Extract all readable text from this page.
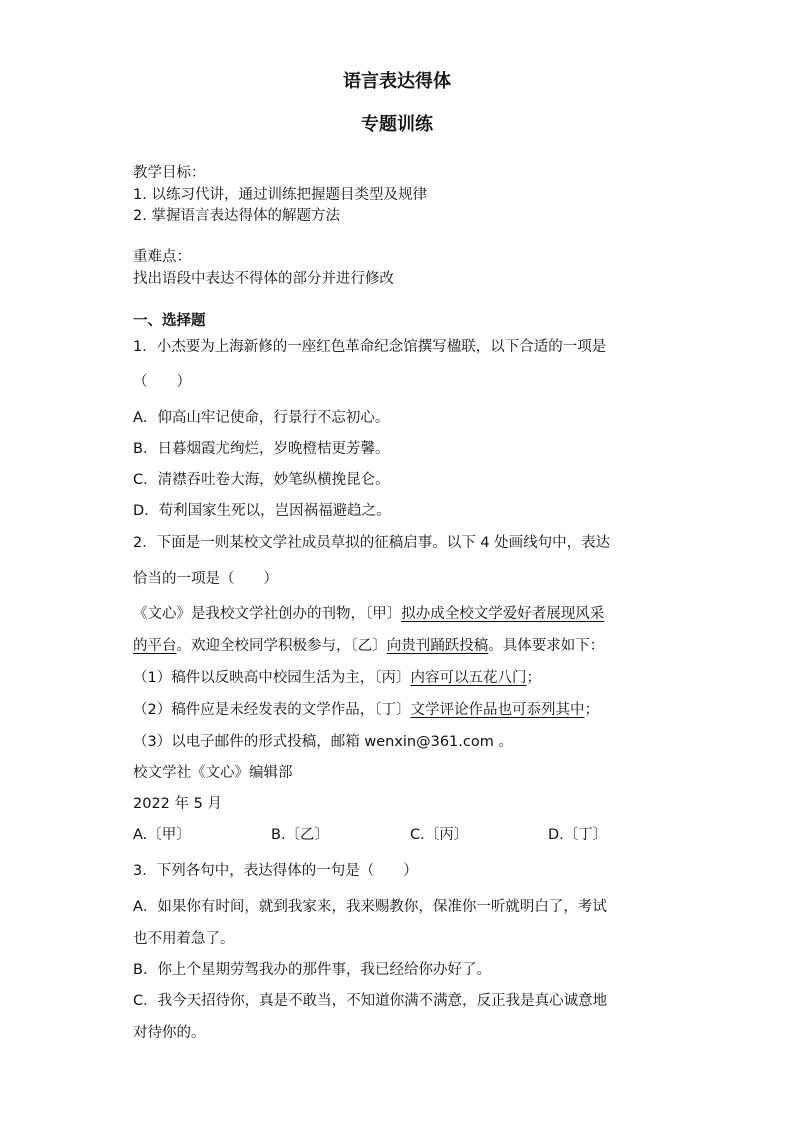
语言表达得体
专题训练
教学目标：
1. 以练习代讲，通过训练把握题目类型及规律
2. 掌握语言表达得体的解题方法
重难点：
找出语段中表达不得体的部分并进行修改
一、选择题
1．小杰要为上海新修的一座红色革命纪念馆撰写楹联，以下合适的一项是
（　　）
A．仰高山牢记使命，行景行不忘初心。
B．日暮烟霞尤绚烂，岁晚橙桔更芳馨。
C．清襟吞吐卷大海，妙笔纵横挽昆仑。
D．苟利国家生死以，岂因祸福避趋之。
2．下面是一则某校文学社成员草拟的征稿启事。以下 4 处画线句中，表达
恰当的一项是（　　）
《文心》是我校文学社创办的刊物，〔甲〕拟办成全校文学爱好者展现风采
的平台。欢迎全校同学积极参与，〔乙〕向贵刊踊跃投稿。具体要求如下：
（1）稿件以反映高中校园生活为主，〔丙〕内容可以五花八门；
（2）稿件应是未经发表的文学作品，〔丁〕文学评论作品也可忝列其中；
（3）以电子邮件的形式投稿，邮箱 wenxin@361.com 。
校文学社《文心》编辑部
2022 年 5 月
A.〔甲〕	B.〔乙〕	C.〔丙〕	D.〔丁〕
3．下列各句中，表达得体的一句是（　　）
A．如果你有时间，就到我家来，我来赐教你，保准你一听就明白了，考试
也不用着急了。
B．你上个星期劳驾我办的那件事，我已经给你办好了。
C．我今天招待你，真是不敢当，不知道你满不满意，反正我是真心诚意地
对待你的。
